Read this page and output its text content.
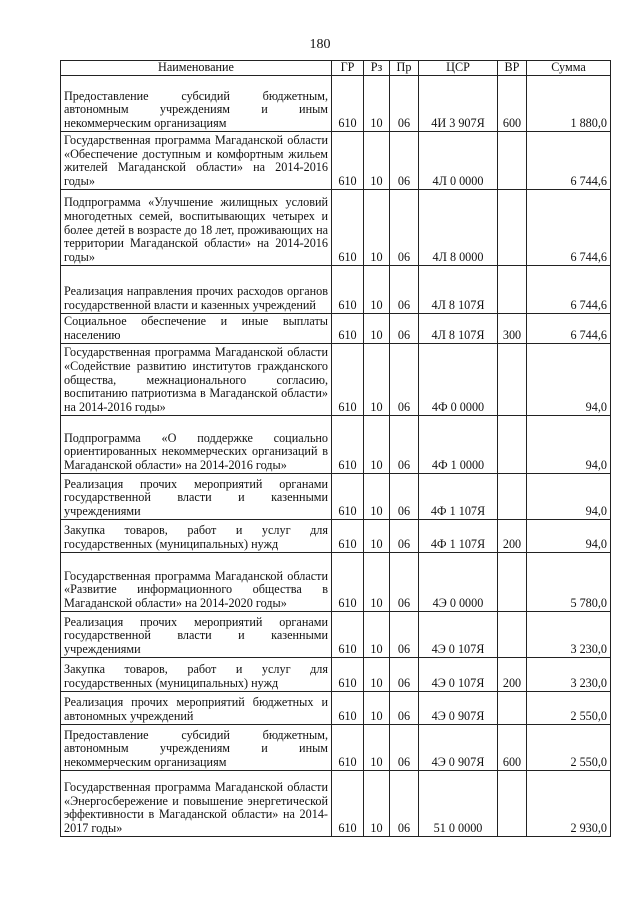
180
Наименование	ГР	Рз	Пр	ЦСР	ВР	Сумма
Предоставление субсидий бюджетным, автономным учреждениям и иным некоммерческим организациям	610	10	06	4И 3 907Я	600	1 880,0
Государственная программа Магаданской области «Обеспечение доступным и комфортным жильем жителей Магаданской области» на 2014-2016 годы»	610	10	06	4Л 0 0000		6 744,6
Подпрограмма «Улучшение жилищных условий многодетных семей, воспитывающих четырех и более детей в возрасте до 18 лет, проживающих на территории Магаданской области» на 2014-2016 годы»	610	10	06	4Л 8 0000		6 744,6
Реализация направления прочих расходов органов государственной власти и казенных учреждений	610	10	06	4Л 8 107Я		6 744,6
Социальное обеспечение и иные выплаты населению	610	10	06	4Л 8 107Я	300	6 744,6
Государственная программа Магаданской области «Содействие развитию институтов гражданского общества, межнационального согласию, воспитанию патриотизма в Магаданской области» на 2014-2016 годы»	610	10	06	4Ф 0 0000		94,0
Подпрограмма «О поддержке социально ориентированных некоммерческих организаций в Магаданской области» на 2014-2016 годы»	610	10	06	4Ф 1 0000		94,0
Реализация прочих мероприятий органами государственной власти и казенными учреждениями	610	10	06	4Ф 1 107Я		94,0
Закупка товаров, работ и услуг для государственных (муниципальных) нужд	610	10	06	4Ф 1 107Я	200	94,0
Государственная программа Магаданской области «Развитие информационного общества в Магаданской области» на 2014-2020 годы»	610	10	06	4Э 0 0000		5 780,0
Реализация прочих мероприятий органами государственной власти и казенными учреждениями	610	10	06	4Э 0 107Я		3 230,0
Закупка товаров, работ и услуг для государственных (муниципальных) нужд	610	10	06	4Э 0 107Я	200	3 230,0
Реализация прочих мероприятий бюджетных и автономных учреждений	610	10	06	4Э 0 907Я		2 550,0
Предоставление субсидий бюджетным, автономным учреждениям и иным некоммерческим организациям	610	10	06	4Э 0 907Я	600	2 550,0
Государственная программа Магаданской области «Энергосбережение и повышение энергетической эффективности в Магаданской области» на 2014-2017 годы»	610	10	06	51 0 0000		2 930,0
